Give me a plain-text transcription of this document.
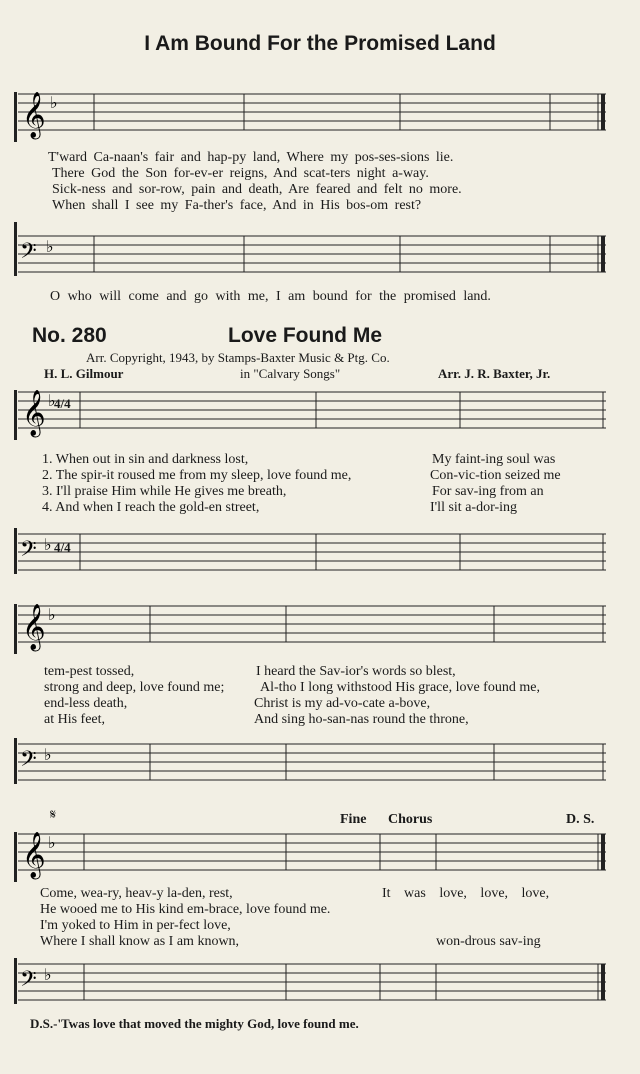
I Am Bound For the Promised Land
𝄞 ♭
T'ward Ca-naan's fair and hap-py land, Where my pos-ses-sions lie.
There God the Son for-ev-er reigns, And scat-ters night a-way.
Sick-ness and sor-row, pain and death, Are feared and felt no more.
When shall I see my Fa-ther's face, And in His bos-om rest?
𝄢 ♭
O who will come and go with me, I am bound for the promised land.
No. 280	Love Found Me
Arr. Copyright, 1943, by Stamps-Baxter Music & Ptg. Co.
H. L. Gilmour	in "Calvary Songs"	Arr. J. R. Baxter, Jr.
𝄞 ♭
4/4
1. When out in sin and darkness lost,	My faint-ing soul was
2. The spir-it roused me from my sleep, love found me,	Con-vic-tion seized me
3. I'll praise Him while He gives me breath,	For sav-ing from an
4. And when I reach the gold-en street,	I'll sit a-dor-ing
𝄢 ♭ 4/4
𝄞 ♭
tem-pest tossed,	I heard the Sav-ior's words so blest,
strong and deep, love found me;	Al-tho I long withstood His grace, love found me,
end-less death,	Christ is my ad-vo-cate a-bove,
at His feet,	And sing ho-san-nas round the throne,
𝄢 ♭
𝄋	Fine Chorus	D. S.
𝄞 ♭
Come, wea-ry, heav-y la-den, rest,	It was love, love, love,
He wooed me to His kind em-brace, love found me.
I'm yoked to Him in per-fect love,
Where I shall know as I am known,	won-drous sav-ing
𝄢 ♭
D.S.-'Twas love that moved the mighty God, love found me.
